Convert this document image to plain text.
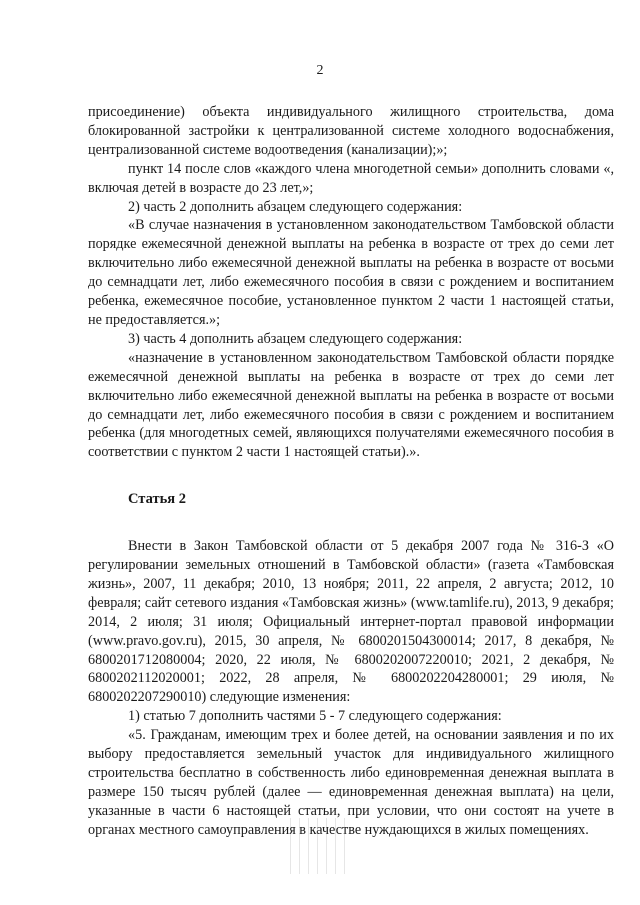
2

присоединение) объекта индивидуального жилищного строительства, дома блокированной застройки к централизованной системе холодного водоснабжения, централизованной системе водоотведения (канализации);»;

пункт 14 после слов «каждого члена многодетной семьи» дополнить словами «, включая детей в возрасте до 23 лет,»;

2) часть 2 дополнить абзацем следующего содержания:

«В случае назначения в установленном законодательством Тамбовской области порядке ежемесячной денежной выплаты на ребенка в возрасте от трех до семи лет включительно либо ежемесячной денежной выплаты на ребенка в возрасте от восьми до семнадцати лет, либо ежемесячного пособия в связи с рождением и воспитанием ребенка, ежемесячное пособие, установленное пунктом 2 части 1 настоящей статьи, не предоставляется.»;

3) часть 4 дополнить абзацем следующего содержания:

«назначение в установленном законодательством Тамбовской области порядке ежемесячной денежной выплаты на ребенка в возрасте от трех до семи лет включительно либо ежемесячной денежной выплаты на ребенка в возрасте от восьми до семнадцати лет, либо ежемесячного пособия в связи с рождением и воспитанием ребенка (для многодетных семей, являющихся получателями ежемесячного пособия в соответствии с пунктом 2 части 1 настоящей статьи).».

Статья 2

Внести в Закон Тамбовской области от 5 декабря 2007 года № 316-З «О регулировании земельных отношений в Тамбовской области» (газета «Тамбовская жизнь», 2007, 11 декабря; 2010, 13 ноября; 2011, 22 апреля, 2 августа; 2012, 10 февраля; сайт сетевого издания «Тамбовская жизнь» (www.tamlife.ru), 2013, 9 декабря; 2014, 2 июля; 31 июля; Официальный интернет-портал правовой информации (www.pravo.gov.ru), 2015, 30 апреля, № 6800201504300014; 2017, 8 декабря, № 6800201712080004; 2020, 22 июля, № 6800202007220010; 2021, 2 декабря, № 6800202112020001; 2022, 28 апреля, № 6800202204280001; 29 июля, № 6800202207290010) следующие изменения:

1) статью 7 дополнить частями 5 - 7 следующего содержания:

«5. Гражданам, имеющим трех и более детей, на основании заявления и по их выбору предоставляется земельный участок для индивидуального жилищного строительства бесплатно в собственность либо единовременная денежная выплата в размере 150 тысяч рублей (далее — единовременная денежная выплата) на цели, указанные в части 6 настоящей статьи, при условии, что они состоят на учете в органах местного самоуправления в качестве нуждающихся в жилых помещениях.
